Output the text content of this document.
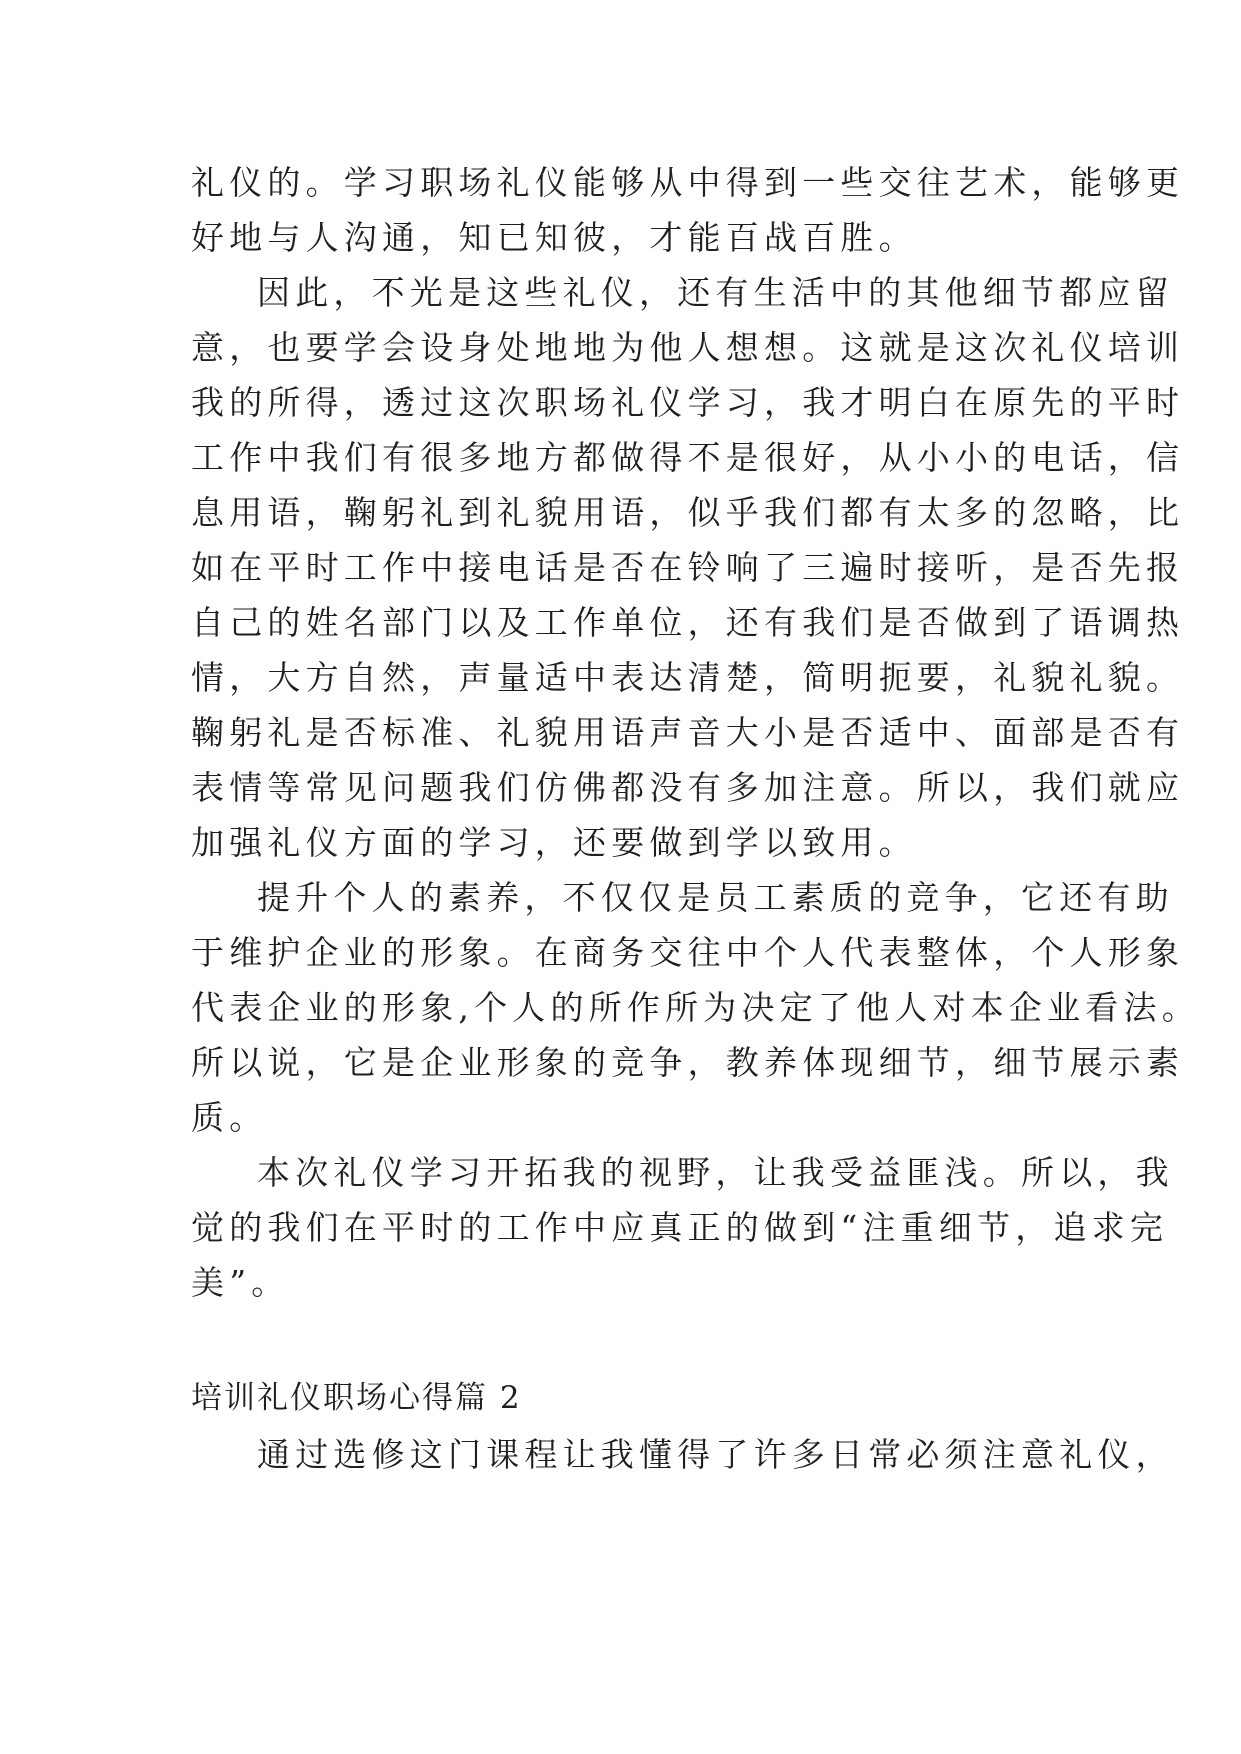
礼仪的。学习职场礼仪能够从中得到一些交往艺术，能够更
好地与人沟通，知已知彼，才能百战百胜。
因此，不光是这些礼仪，还有生活中的其他细节都应留
意，也要学会设身处地地为他人想想。这就是这次礼仪培训
我的所得，透过这次职场礼仪学习，我才明白在原先的平时
工作中我们有很多地方都做得不是很好，从小小的电话，信
息用语，鞠躬礼到礼貌用语，似乎我们都有太多的忽略，比
如在平时工作中接电话是否在铃响了三遍时接听，是否先报
自己的姓名部门以及工作单位，还有我们是否做到了语调热
情，大方自然，声量适中表达清楚，简明扼要，礼貌礼貌。
鞠躬礼是否标准、礼貌用语声音大小是否适中、面部是否有
表情等常见问题我们仿佛都没有多加注意。所以，我们就应
加强礼仪方面的学习，还要做到学以致用。
提升个人的素养，不仅仅是员工素质的竞争，它还有助
于维护企业的形象。在商务交往中个人代表整体，个人形象
代表企业的形象,个人的所作所为决定了他人对本企业看法。
所以说，它是企业形象的竞争，教养体现细节，细节展示素
质。
本次礼仪学习开拓我的视野，让我受益匪浅。所以，我
觉的我们在平时的工作中应真正的做到“注重细节，追求完
美”。
培训礼仪职场心得篇 2
通过选修这门课程让我懂得了许多日常必须注意礼仪，
